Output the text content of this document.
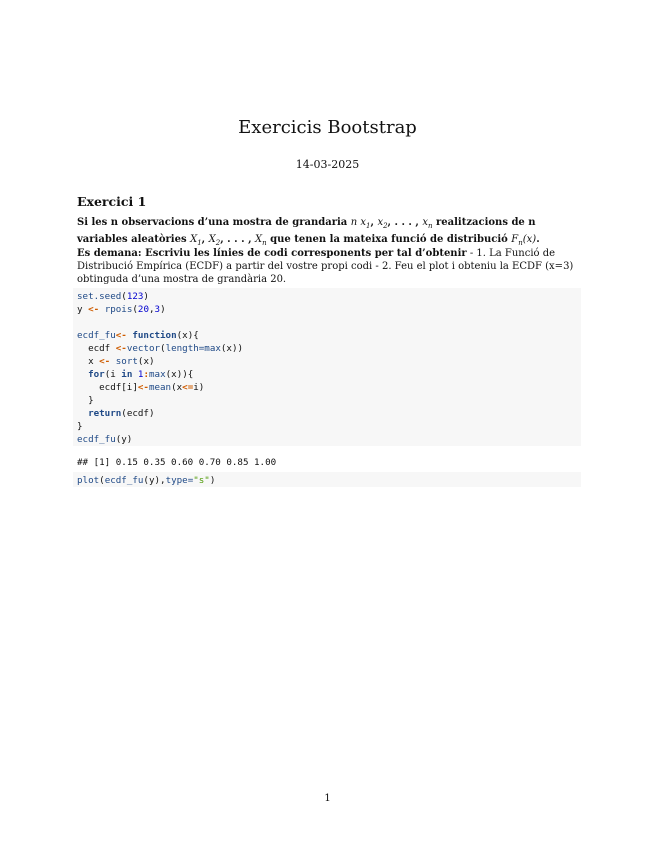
Exercicis Bootstrap
14-03-2025
Exercici 1
Si les n observacions d’una mostra de grandaria n $x_1$, $x_2$, . . . , $x_n$ realitzacions de n variables aleatòries $X_1$, $X_2$, . . . , $X_n$ que tenen la mateixa funció de distribució $F_n(x)$.
Es demana: Escriviu les línies de codi corresponents per tal d’obtenir - 1. La Funció de Distribució Empírica (ECDF) a partir del vostre propi codi - 2. Feu el plot i obteniu la ECDF (x=3) obtinguda d’una mostra de grandària 20.
set.seed(123)
y <- rpois(20,3)

ecdf_fu<- function(x){
ecdf <-vector(length=max(x))
x <- sort(x)
for(i in 1:max(x)){
ecdf[i]<-mean(x<=i)
}
return(ecdf)
}
ecdf_fu(y)
## [1] 0.15 0.35 0.60 0.70 0.85 1.00
plot(ecdf_fu(y),type="s")
1
